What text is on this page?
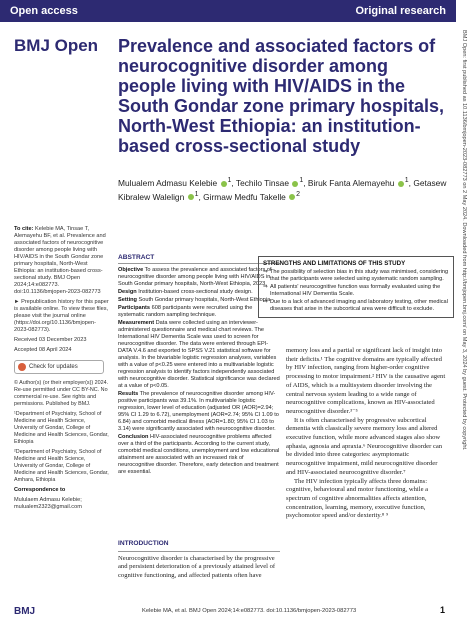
Open access	Original research
BMJ Open Prevalence and associated factors of neurocognitive disorder among people living with HIV/AIDS in the South Gondar zone primary hospitals, North-West Ethiopia: an institution-based cross-sectional study
Mulualem Admasu Kelebie $^1$, Techilo Tinsae $^1$, Biruk Fanta Alemayehu $^1$, Getasew Kibralew Walelign $^1$, Girmaw Medfu Takelle $^2$

To cite: Kelebie MA, Tinsae T, Alemayehu BF, et al. Prevalence and associated factors of neurocognitive disorder among people living with HIV/AIDS in the South Gondar zone primary hospitals, North-West Ethiopia: an institution-based cross-sectional study. BMJ Open 2024;14:e082773. doi:10.1136/bmjopen-2023-082773

► Prepublication history for this paper is available online. To view these files, please visit the journal online (https://doi.org/10.1136/bmjopen-2023-082773).

Received 03 December 2023

Accepted 08 April 2024

Check for updates

© Author(s) (or their employer(s)) 2024. Re-use permitted under CC BY-NC. No commercial re-use. See rights and permissions. Published by BMJ.

¹Department of Psychiatry, School of Medicine and Health Science, University of Gondar, College of Medicine and Health Sciences, Gondar, Ethiopia

²Department of Psychiatry, School of Medicine and Health Science, University of Gondar, College of Medicine and Health Sciences, Gondar, Amhara, Ethiopia

Correspondence to

Mululaem Admasu Kelebie;
mulualem2323@gmail.com

ABSTRACT

Objective To assess the prevalence and associated factors of neurocognitive disorder among people living with HIV/AIDS in South Gondar primary hospitals, North-West Ethiopia, 2023.

Design Institution-based cross-sectional study design.

Setting South Gondar primary hospitals, North-West Ethiopia.

Participants 608 participants were recruited using the systematic random sampling technique.

Measurement Data were collected using an interviewer-administered questionnaire and medical chart reviews. The International HIV Dementia Scale was used to screen for neurocognitive disorder. The data were entered through EPI-DATA V.4.6 and exported to SPSS V.21 statistical software for analysis. In the bivariable logistic regression analyses, variables with a value of p<0.25 were entered into a multivariable logistic regression analysis to identify factors independently associated with neurocognitive disorder. Statistical significance was declared at a value of p<0.05.

Results The prevalence of neurocognitive disorder among HIV-positive participants was 39.1%. In multivariable logistic regression, lower level of education (adjusted OR (AOR)=2.94; 95% CI 1.29 to 6.72), unemployment (AOR=2.74; 95% CI 1.09 to 6.84) and comorbid medical illness (AOR=1.80; 95% CI 1.03 to 3.14) were significantly associated with neurocognitive disorder.

Conclusion HIV-associated neurocognitive problems affected over a third of the participants. According to the current study, comorbid medical conditions, unemployment and low educational attainment are associated with an increased risk of neurocognitive disorder. Therefore, early detection and treatment are essential.

STRENGTHS AND LIMITATIONS OF THIS STUDY
⇒ The possibility of selection bias in this study was minimised, considering that the participants were selected using systematic random sampling.
⇒ All patients' neurocognitive function was formally evaluated using the International HIV Dementia Scale.
⇒ Due to a lack of advanced imaging and laboratory testing, other medical diseases that arise in the subcortical area were difficult to exclude.

memory loss and a partial or significant lack of insight into their deficits.¹ The cognitive domains are typically affected by HIV infection, ranging from higher-order cognitive processing to motor impairment.² HIV is the causative agent of AIDS, which is a multisystem disorder involving the central nervous system leading to a wide range of neurocognitive complications, known as HIV-associated neurocognitive disorder.³⁻⁵

It is often characterised by progressive subcortical dementia with classically severe memory loss and altered executive function, while more advanced stages also show aphasia, agnosia and apraxia.⁶ Neurocognitive disorder can be divided into three categories: asymptomatic neurocognitive impairment, mild neurocognitive disorder and HIV-associated neurocognitive disorder.⁷

The HIV infection typically affects three domains: cognitive, behavioural and motor functioning, while a spectrum of cognitive abnormalities affects attention, concentration, learning, memory, executive function, psychomotor speed and/or dexterity.⁸ ⁹

INTRODUCTION

Neurocognitive disorder is characterised by the progressive and persistent deterioration of a previously attained level of cognitive functioning, and affected patients often have

BMJ	Kelebie MA, et al. BMJ Open 2024;14:e082773. doi:10.1136/bmjopen-2023-082773	1
BMJ Open: first published as 10.1136/bmjopen-2023-082773 on 2 May 2024. Downloaded from http://bmjopen.bmj.com/ on May 3, 2024 by guest. Protected by copyright.
